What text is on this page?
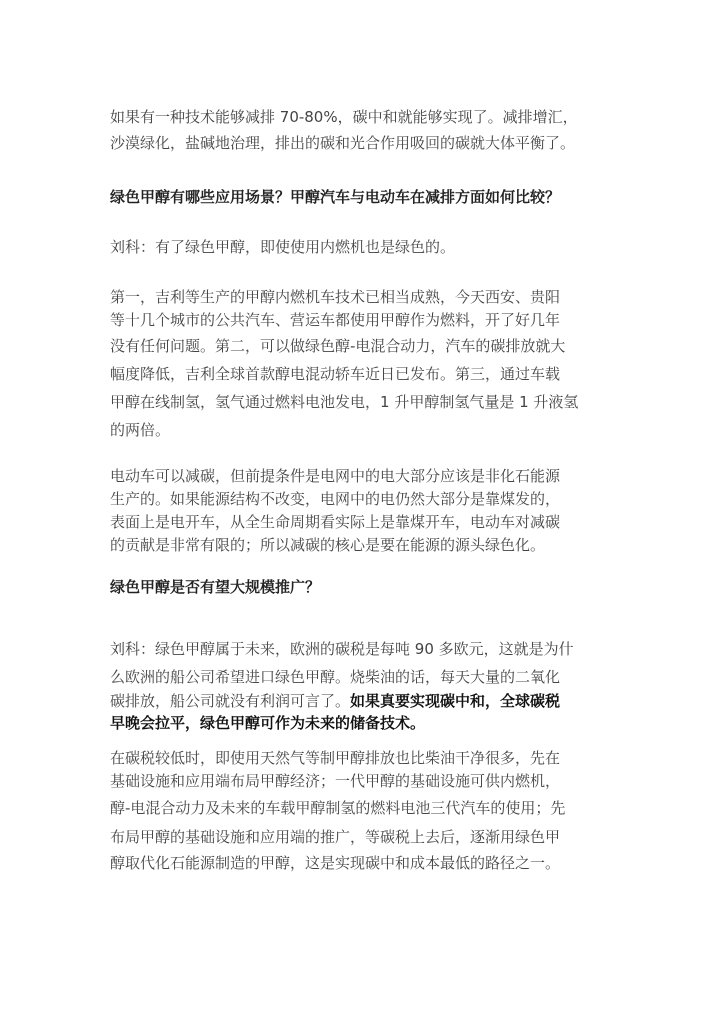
如果有一种技术能够减排 70-80%，碳中和就能够实现了。减排增汇，
沙漠绿化，盐碱地治理，排出的碳和光合作用吸回的碳就大体平衡了。

绿色甲醇有哪些应用场景？甲醇汽车与电动车在减排方面如何比较？

刘科：有了绿色甲醇，即使使用内燃机也是绿色的。

第一，吉利等生产的甲醇内燃机车技术已相当成熟，今天西安、贵阳
等十几个城市的公共汽车、营运车都使用甲醇作为燃料，开了好几年
没有任何问题。第二，可以做绿色醇-电混合动力，汽车的碳排放就大
幅度降低，吉利全球首款醇电混动轿车近日已发布。第三，通过车载
甲醇在线制氢，氢气通过燃料电池发电，1 升甲醇制氢气量是 1 升液氢
的两倍。

电动车可以减碳，但前提条件是电网中的电大部分应该是非化石能源
生产的。如果能源结构不改变，电网中的电仍然大部分是靠煤发的，
表面上是电开车，从全生命周期看实际上是靠煤开车，电动车对减碳
的贡献是非常有限的；所以减碳的核心是要在能源的源头绿色化。

绿色甲醇是否有望大规模推广？

刘科：绿色甲醇属于未来，欧洲的碳税是每吨 90 多欧元，这就是为什
么欧洲的船公司希望进口绿色甲醇。烧柴油的话，每天大量的二氧化
碳排放，船公司就没有利润可言了。如果真要实现碳中和，全球碳税
早晚会拉平，绿色甲醇可作为未来的储备技术。

在碳税较低时，即使用天然气等制甲醇排放也比柴油干净很多，先在
基础设施和应用端布局甲醇经济；一代甲醇的基础设施可供内燃机，
醇-电混合动力及未来的车载甲醇制氢的燃料电池三代汽车的使用；先
布局甲醇的基础设施和应用端的推广，等碳税上去后，逐渐用绿色甲
醇取代化石能源制造的甲醇，这是实现碳中和成本最低的路径之一。
